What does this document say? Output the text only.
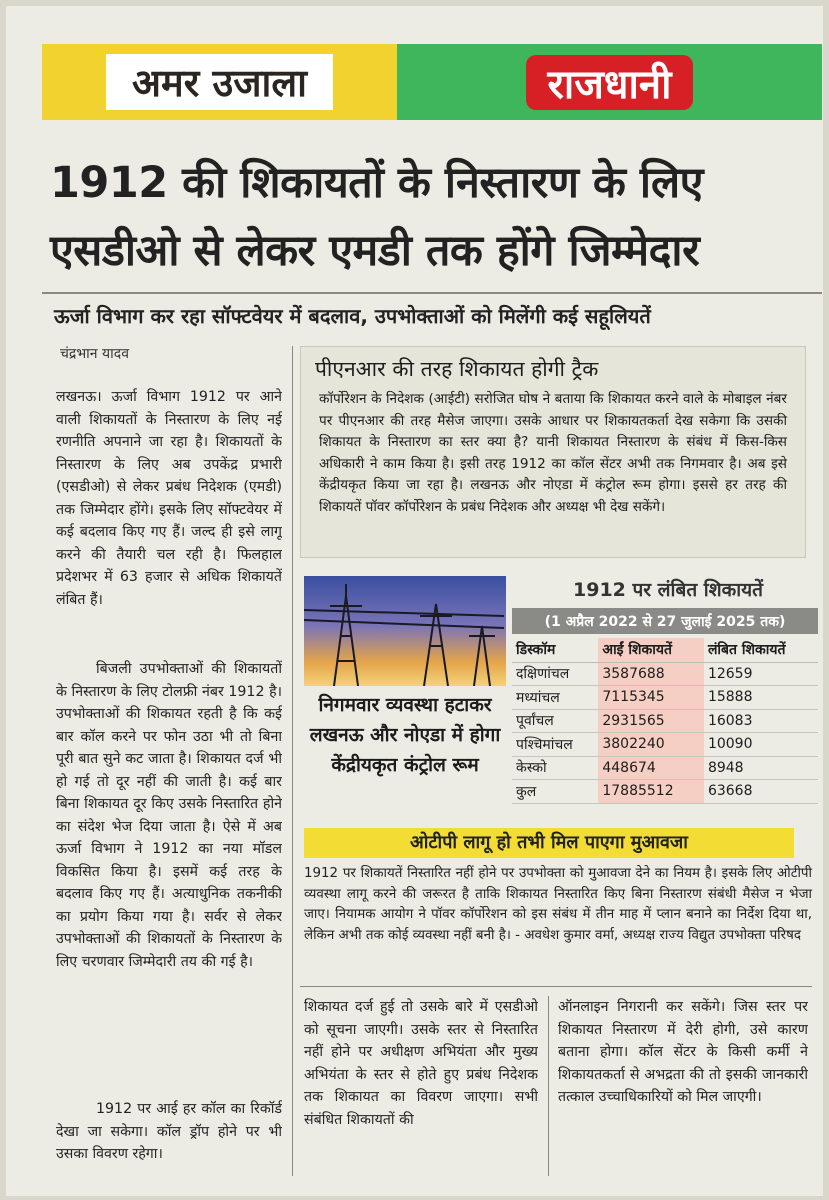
अमर उजाला	राजधानी
1912 की शिकायतों के निस्तारण के लिए
एसडीओ से लेकर एमडी तक होंगे जिम्मेदार
ऊर्जा विभाग कर रहा सॉफ्टवेयर में बदलाव, उपभोक्ताओं को मिलेंगी कई सहूलियतें
चंद्रभान यादव
लखनऊ। ऊर्जा विभाग 1912 पर आने वाली शिकायतों के निस्तारण के लिए नई रणनीति अपनाने जा रहा है। शिकायतों के निस्तारण के लिए अब उपकेंद्र प्रभारी (एसडीओ) से लेकर प्रबंध निदेशक (एमडी) तक जिम्मेदार होंगे। इसके लिए सॉफ्टवेयर में कई बदलाव किए गए हैं। जल्द ही इसे लागू करने की तैयारी चल रही है। फिलहाल प्रदेशभर में 63 हजार से अधिक शिकायतें लंबित हैं।
बिजली उपभोक्ताओं की शिकायतों के निस्तारण के लिए टोलफ्री नंबर 1912 है। उपभोक्ताओं की शिकायत रहती है कि कई बार कॉल करने पर फोन उठा भी तो बिना पूरी बात सुने कट जाता है। शिकायत दर्ज भी हो गई तो दूर नहीं की जाती है। कई बार बिना शिकायत दूर किए उसके निस्तारित होने का संदेश भेज दिया जाता है। ऐसे में अब ऊर्जा विभाग ने 1912 का नया मॉडल विकसित किया है। इसमें कई तरह के बदलाव किए गए हैं। अत्याधुनिक तकनीकी का प्रयोग किया गया है। सर्वर से लेकर उपभोक्ताओं की शिकायतों के निस्तारण के लिए चरणवार जिम्मेदारी तय की गई है।
1912 पर आई हर कॉल का रिकॉर्ड देखा जा सकेगा। कॉल ड्रॉप होने पर भी उसका विवरण रहेगा।
पीएनआर की तरह शिकायत होगी ट्रैक

कॉर्पोरेशन के निदेशक (आईटी) सरोजित घोष ने बताया कि शिकायत करने वाले के मोबाइल नंबर पर पीएनआर की तरह मैसेज जाएगा। उसके आधार पर शिकायतकर्ता देख सकेगा कि उसकी शिकायत के निस्तारण का स्तर क्या है? यानी शिकायत निस्तारण के संबंध में किस-किस अधिकारी ने काम किया है। इसी तरह 1912 का कॉल सेंटर अभी तक निगमवार है। अब इसे केंद्रीयकृत किया जा रहा है। लखनऊ और नोएडा में कंट्रोल रूम होगा। इससे हर तरह की शिकायतें पॉवर कॉर्पोरेशन के प्रबंध निदेशक और अध्यक्ष भी देख सकेंगे।

निगमवार व्यवस्था हटाकर लखनऊ और नोएडा में होगा केंद्रीयकृत कंट्रोल रूम
1912 पर लंबित शिकायतें
(1 अप्रैल 2022 से 27 जुलाई 2025 तक)
डिस्कॉम	आईं शिकायतें	लंबित शिकायतें
दक्षिणांचल	3587688	12659
मध्यांचल	7115345	15888
पूर्वांचल	2931565	16083
पश्चिमांचल	3802240	10090
केस्को	448674	8948
कुल	17885512	63668
ओटीपी लागू हो तभी मिल पाएगा मुआवजा
1912 पर शिकायतें निस्तारित नहीं होने पर उपभोक्ता को मुआवजा देने का नियम है। इसके लिए ओटीपी व्यवस्था लागू करने की जरूरत है ताकि शिकायत निस्तारित किए बिना निस्तारण संबंधी मैसेज न भेजा जाए। नियामक आयोग ने पॉवर कॉर्पोरेशन को इस संबंध में तीन माह में प्लान बनाने का निर्देश दिया था, लेकिन अभी तक कोई व्यवस्था नहीं बनी है। - अवधेश कुमार वर्मा, अध्यक्ष राज्य विद्युत उपभोक्ता परिषद
शिकायत दर्ज हुई तो उसके बारे में एसडीओ को सूचना जाएगी। उसके स्तर से निस्तारित नहीं होने पर अधीक्षण अभियंता और मुख्य अभियंता के स्तर से होते हुए प्रबंध निदेशक तक शिकायत का विवरण जाएगा। सभी संबंधित शिकायतों की
ऑनलाइन निगरानी कर सकेंगे। जिस स्तर पर शिकायत निस्तारण में देरी होगी, उसे कारण बताना होगा। कॉल सेंटर के किसी कर्मी ने शिकायतकर्ता से अभद्रता की तो इसकी जानकारी तत्काल उच्चाधिकारियों को मिल जाएगी।
